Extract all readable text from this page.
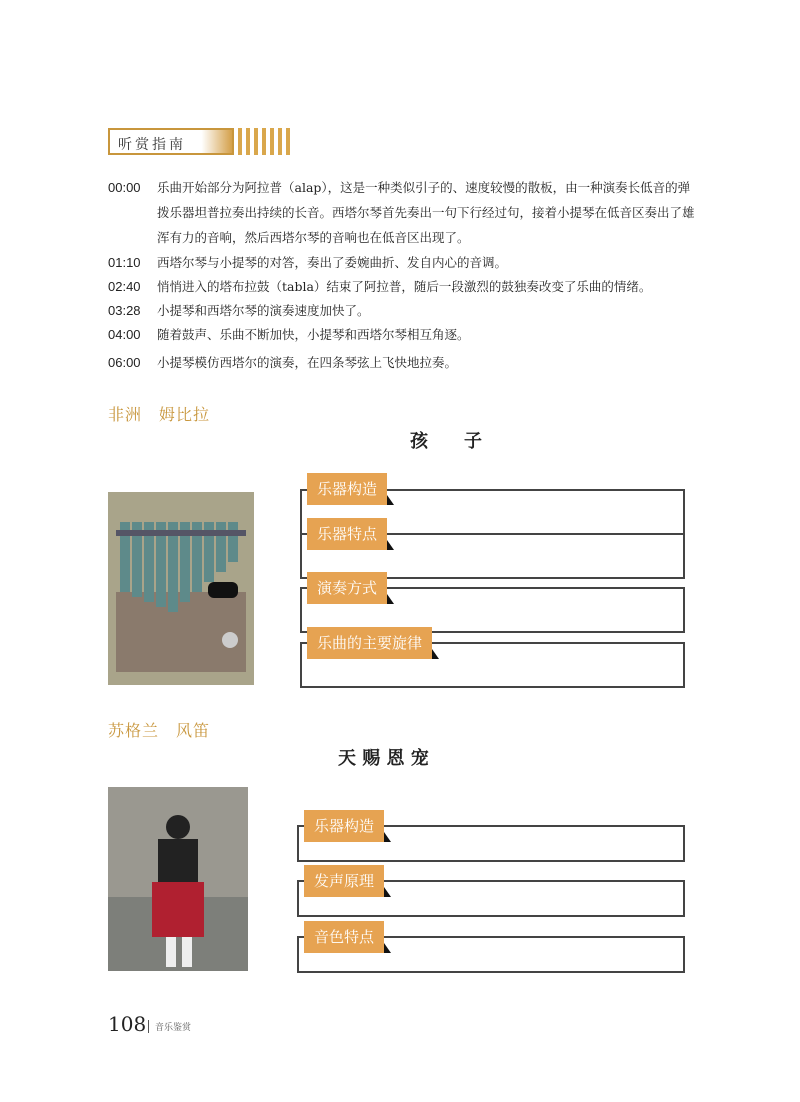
听赏指南
00:00	乐曲开始部分为阿拉普（alap），这是一种类似引子的、速度较慢的散板，由一种演奏长低音的弹拨乐器坦普拉奏出持续的长音。西塔尔琴首先奏出一句下行经过句，接着小提琴在低音区奏出了雄浑有力的音响，然后西塔尔琴的音响也在低音区出现了。
01:10	西塔尔琴与小提琴的对答，奏出了委婉曲折、发自内心的音调。
02:40	悄悄进入的塔布拉鼓（tabla）结束了阿拉普，随后一段激烈的鼓独奏改变了乐曲的情绪。
03:28	小提琴和西塔尔琴的演奏速度加快了。
04:00	随着鼓声、乐曲不断加快，小提琴和西塔尔琴相互角逐。
06:00	小提琴模仿西塔尔的演奏，在四条琴弦上飞快地拉奏。
非洲　姆比拉
孩　　子
乐器构造
乐器特点
演奏方式
乐曲的主要旋律
苏格兰　风笛
天 赐 恩 宠
乐器构造
发声原理
音色特点
108 音乐鉴赏
